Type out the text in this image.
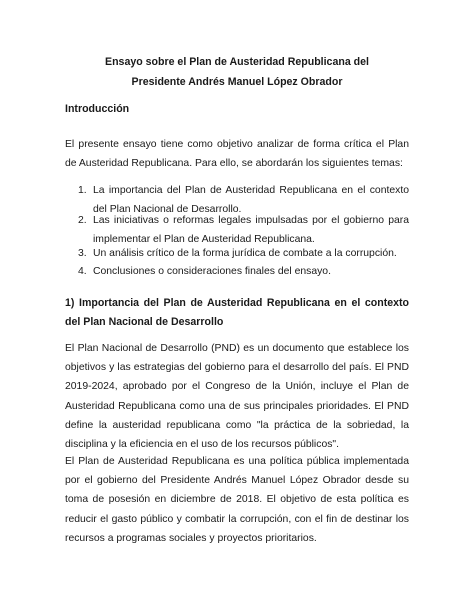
Ensayo sobre el Plan de Austeridad Republicana del
Presidente Andrés Manuel López Obrador
Introducción
El presente ensayo tiene como objetivo analizar de forma crítica el Plan de Austeridad Republicana. Para ello, se abordarán los siguientes temas:
1. La importancia del Plan de Austeridad Republicana en el contexto del Plan Nacional de Desarrollo.
2. Las iniciativas o reformas legales impulsadas por el gobierno para implementar el Plan de Austeridad Republicana.
3. Un análisis crítico de la forma jurídica de combate a la corrupción.
4. Conclusiones o consideraciones finales del ensayo.
1) Importancia del Plan de Austeridad Republicana en el contexto del Plan Nacional de Desarrollo
El Plan Nacional de Desarrollo (PND) es un documento que establece los objetivos y las estrategias del gobierno para el desarrollo del país. El PND 2019-2024, aprobado por el Congreso de la Unión, incluye el Plan de Austeridad Republicana como una de sus principales prioridades. El PND define la austeridad republicana como "la práctica de la sobriedad, la disciplina y la eficiencia en el uso de los recursos públicos".
El Plan de Austeridad Republicana es una política pública implementada por el gobierno del Presidente Andrés Manuel López Obrador desde su toma de posesión en diciembre de 2018. El objetivo de esta política es reducir el gasto público y combatir la corrupción, con el fin de destinar los recursos a programas sociales y proyectos prioritarios.
